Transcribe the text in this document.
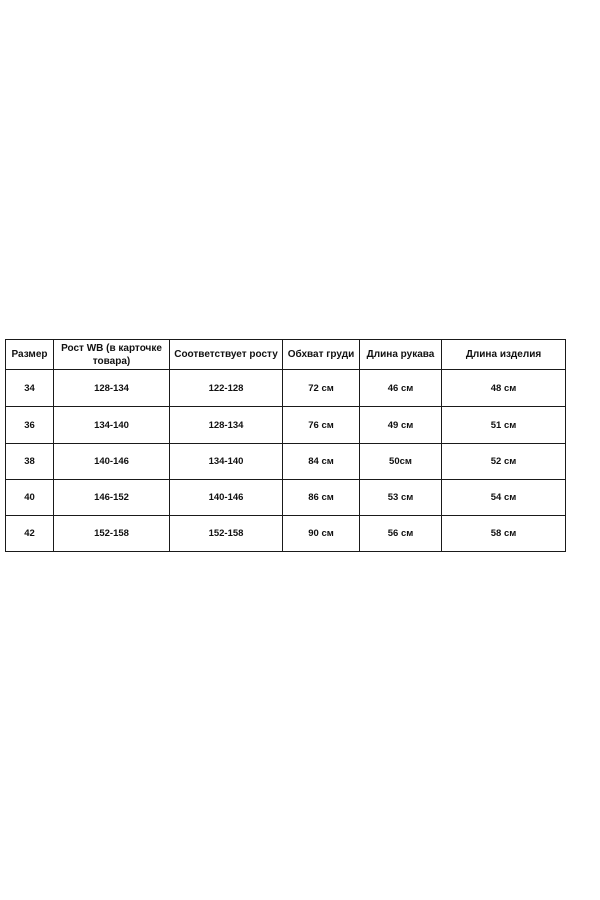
Размер	Рост WB (в карточке товара)	Соответствует росту	Обхват груди	Длина рукава	Длина изделия
34	128-134	122-128	72 см	46 см	48 см
36	134-140	128-134	76 см	49 см	51 см
38	140-146	134-140	84 см	50см	52 см
40	146-152	140-146	86 см	53 см	54 см
42	152-158	152-158	90 см	56 см	58 см
